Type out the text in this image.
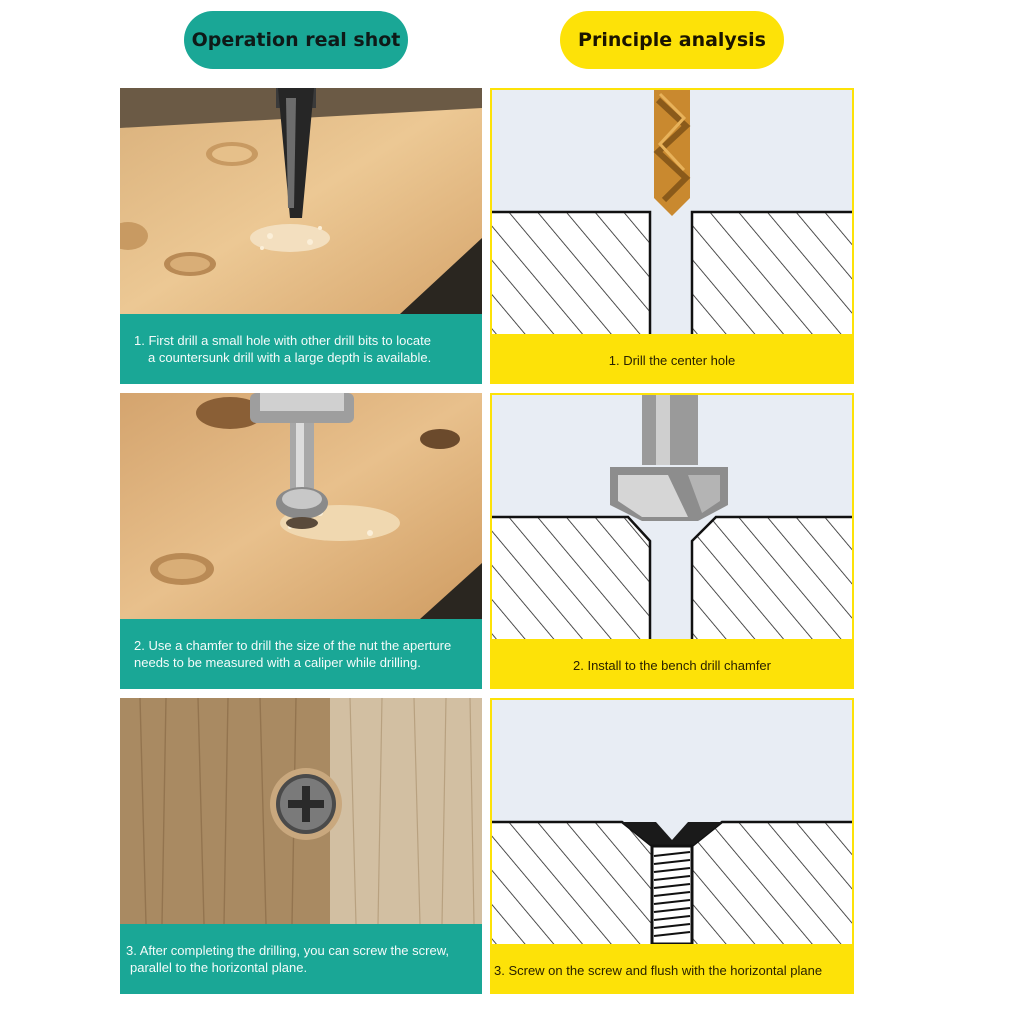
Operation real shot	Principle analysis
1. First drill a small hole with other drill bits to locate
a countersunk drill with a large depth is available.	1. Drill the center hole
2. Use a chamfer to drill the size of the nut the aperture
needs to be measured with a caliper while drilling.	2. Install to the bench drill chamfer
3. After completing the drilling, you can screw the screw,
parallel to the horizontal plane.	3. Screw on the screw and flush with the horizontal plane
